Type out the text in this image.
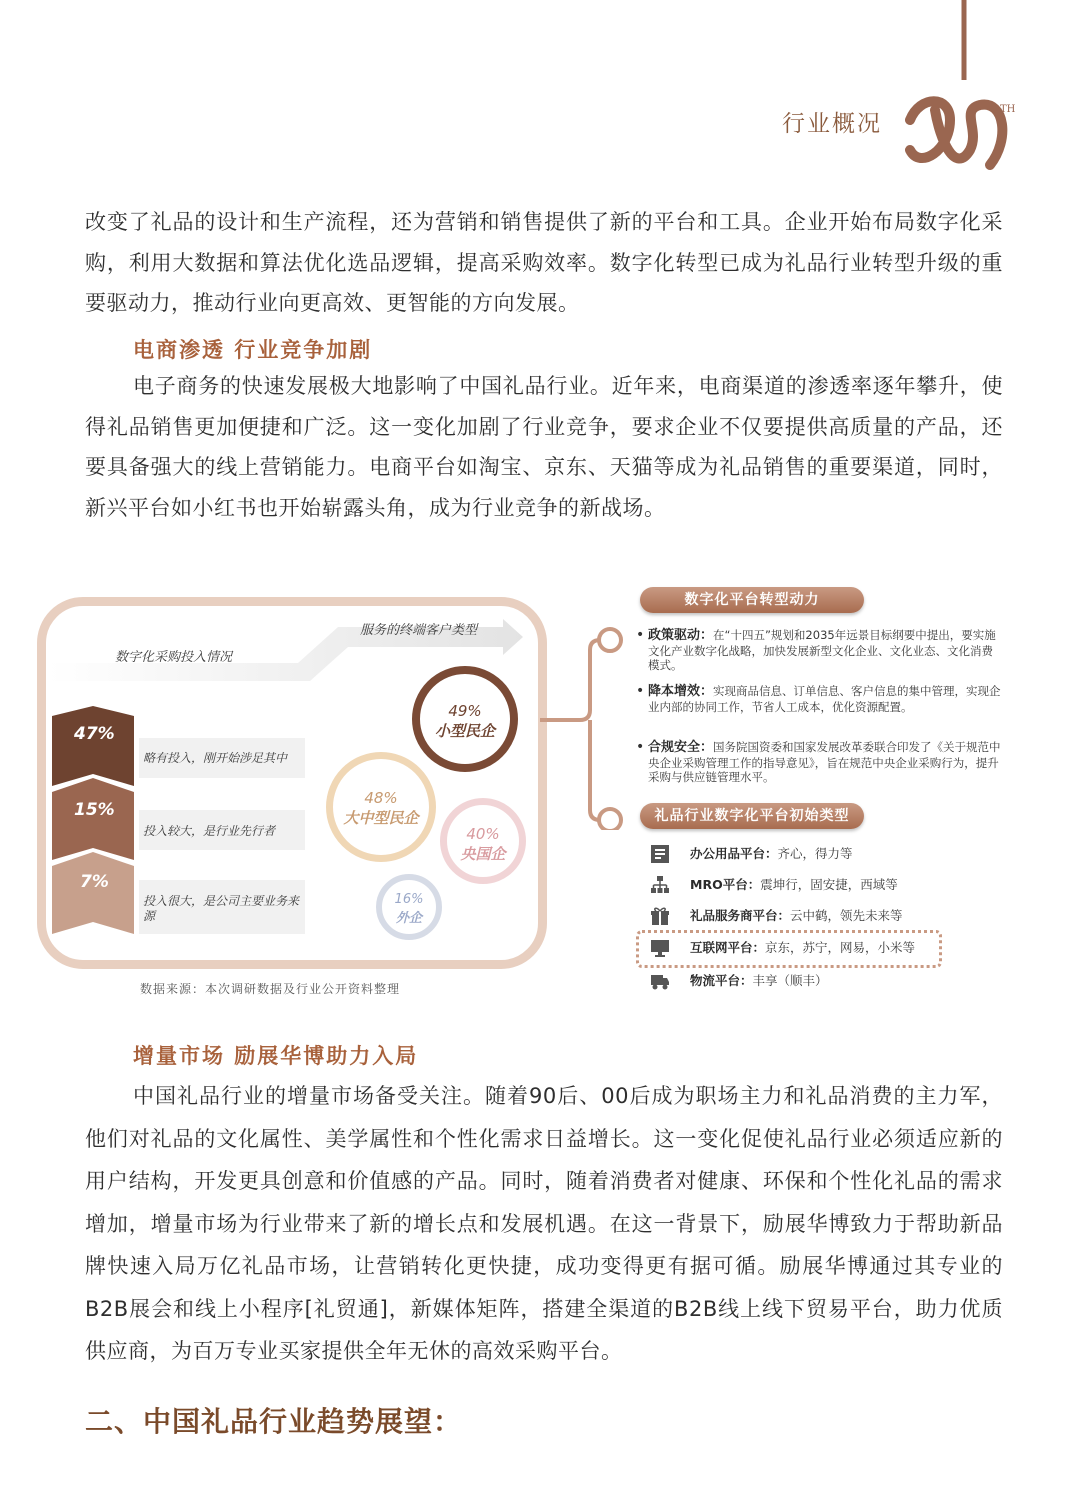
行业概况
TH
改变了礼品的设计和生产流程，还为营销和销售提供了新的平台和工具。企业开始布局数字化采购，利用大数据和算法优化选品逻辑，提高采购效率。数字化转型已成为礼品行业转型升级的重要驱动力，推动行业向更高效、更智能的方向发展。
电商渗透 行业竞争加剧
电子商务的快速发展极大地影响了中国礼品行业。近年来，电商渠道的渗透率逐年攀升，使得礼品销售更加便捷和广泛。这一变化加剧了行业竞争，要求企业不仅要提供高质量的产品，还要具备强大的线上营销能力。电商平台如淘宝、京东、天猫等成为礼品销售的重要渠道，同时，新兴平台如小红书也开始崭露头角，成为行业竞争的新战场。
数字化采购投入情况
服务的终端客户类型
47%
15%
7%
略有投入，刚开始涉足其中
投入较大，是行业先行者
投入很大，是公司主要业务来源
49%
小型民企
48%
大中型民企
40%
央国企
16%
外企
数字化平台转型动力
• 政策驱动：在“十四五”规划和2035年远景目标纲要中提出，要实施文化产业数字化战略，加快发展新型文化企业、文化业态、文化消费模式。
• 降本增效：实现商品信息、订单信息、客户信息的集中管理，实现企业内部的协同工作，节省人工成本，优化资源配置。
• 合规安全：国务院国资委和国家发展改革委联合印发了《关于规范中央企业采购管理工作的指导意见》，旨在规范中央企业采购行为，提升采购与供应链管理水平。
礼品行业数字化平台初始类型
办公用品平台：齐心，得力等
MRO平台：震坤行，固安捷，西域等
礼品服务商平台：云中鹤，领先未来等
互联网平台：京东，苏宁，网易，小米等
物流平台：丰享（顺丰）
数据来源：本次调研数据及行业公开资料整理
增量市场 励展华博助力入局
中国礼品行业的增量市场备受关注。随着90后、00后成为职场主力和礼品消费的主力军，他们对礼品的文化属性、美学属性和个性化需求日益增长。这一变化促使礼品行业必须适应新的用户结构，开发更具创意和价值感的产品。同时，随着消费者对健康、环保和个性化礼品的需求增加，增量市场为行业带来了新的增长点和发展机遇。在这一背景下，励展华博致力于帮助新品牌快速入局万亿礼品市场，让营销转化更快捷，成功变得更有据可循。励展华博通过其专业的B2B展会和线上小程序[礼贸通]，新媒体矩阵，搭建全渠道的B2B线上线下贸易平台，助力优质供应商，为百万专业买家提供全年无休的高效采购平台。
二、中国礼品行业趋势展望：
